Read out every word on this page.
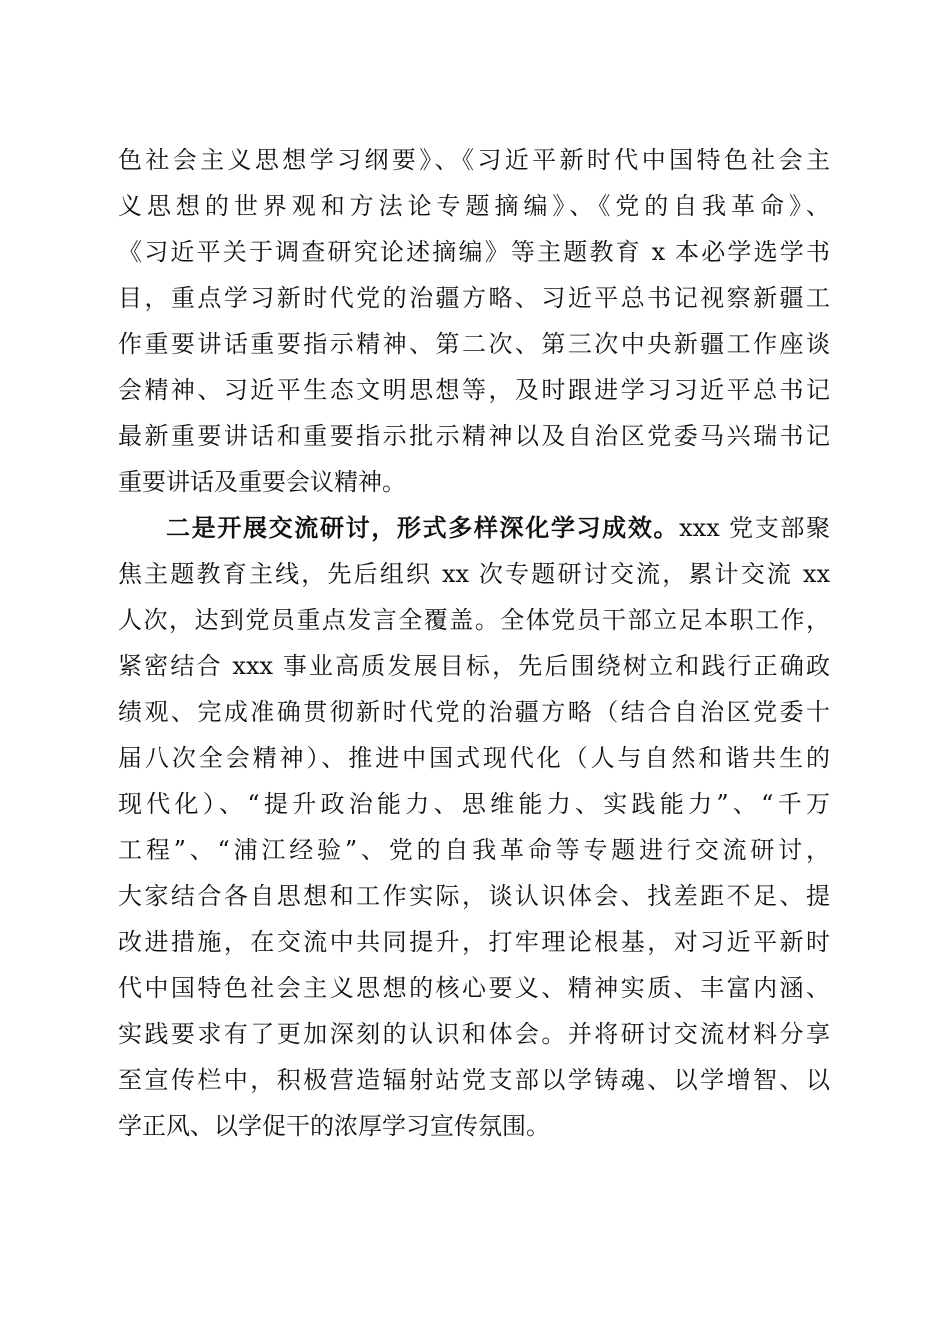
色社会主义思想学习纲要》、《习近平新时代中国特色社会主
义思想的世界观和方法论专题摘编》、《党的自我革命》、
《习近平关于调查研究论述摘编》等主题教育 x 本必学选学书
目，重点学习新时代党的治疆方略、习近平总书记视察新疆工
作重要讲话重要指示精神、第二次、第三次中央新疆工作座谈
会精神、习近平生态文明思想等，及时跟进学习习近平总书记
最新重要讲话和重要指示批示精神以及自治区党委马兴瑞书记
重要讲话及重要会议精神。
二是开展交流研讨，形式多样深化学习成效。xxx 党支部聚
焦主题教育主线，先后组织 xx 次专题研讨交流，累计交流 xx
人次，达到党员重点发言全覆盖。全体党员干部立足本职工作，
紧密结合 xxx 事业高质发展目标，先后围绕树立和践行正确政
绩观、完成准确贯彻新时代党的治疆方略（结合自治区党委十
届八次全会精神）、推进中国式现代化（人与自然和谐共生的
现代化）、“提升政治能力、思维能力、实践能力”、“千万
工程”、“浦江经验”、党的自我革命等专题进行交流研讨，
大家结合各自思想和工作实际，谈认识体会、找差距不足、提
改进措施，在交流中共同提升，打牢理论根基，对习近平新时
代中国特色社会主义思想的核心要义、精神实质、丰富内涵、
实践要求有了更加深刻的认识和体会。并将研讨交流材料分享
至宣传栏中，积极营造辐射站党支部以学铸魂、以学增智、以
学正风、以学促干的浓厚学习宣传氛围。
